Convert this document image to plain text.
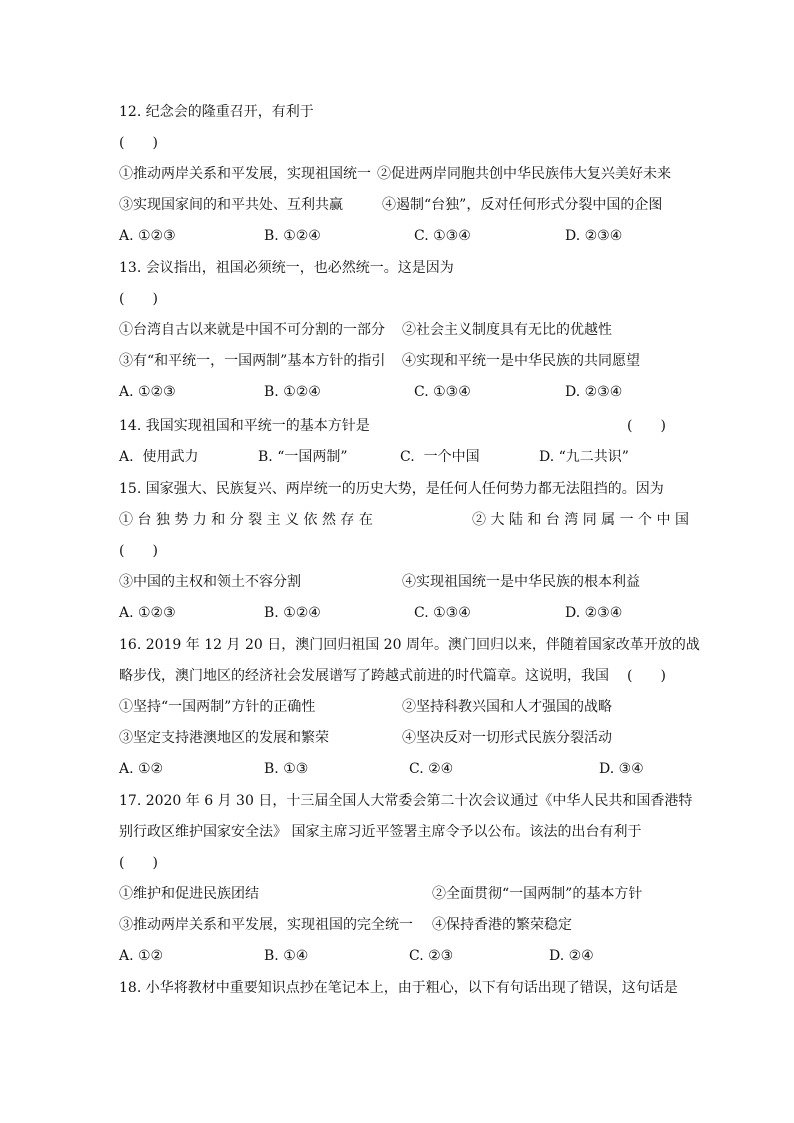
12. 纪念会的隆重召开，有利于
(　　)
①推动两岸关系和平发展，实现祖国统一 ②促进两岸同胞共创中华民族伟大复兴美好未来
③实现国家间的和平共处、互利共赢	④遏制“台独”，反对任何形式分裂中国的企图
A. ①②③	B. ①②④	C. ①③④	D. ②③④
13. 会议指出，祖国必须统一，也必然统一。这是因为
(　　)
①台湾自古以来就是中国不可分割的一部分 ②社会主义制度具有无比的优越性
③有“和平统一，一国两制”基本方针的指引 ④实现和平统一是中华民族的共同愿望
A. ①②③	B. ①②④	C. ①③④	D. ②③④
14. 我国实现祖国和平统一的基本方针是	(　　)
A.  使用武力	B. “一国两制”	C.  一个中国	D. “九二共识”
15. 国家强大、民族复兴、两岸统一的历史大势，是任何人任何势力都无法阻挡的。因为
① 台 独 势 力 和 分 裂 主 义 依 然 存 在	② 大 陆 和 台 湾 同 属 一 个 中 国
(　　)
③中国的主权和领土不容分割	④实现祖国统一是中华民族的根本利益
A. ①②③	B. ①②④	C. ①③④	D. ②③④
16. 2019 年 12 月 20 日，澳门回归祖国 20 周年。澳门回归以来，伴随着国家改革开放的战
略步伐，澳门地区的经济社会发展谱写了跨越式前进的时代篇章。这说明，我国 (　　)
①坚持“一国两制”方针的正确性	②坚持科教兴国和人才强国的战略
③坚定支持港澳地区的发展和繁荣	④坚决反对一切形式民族分裂活动
A. ①②	B. ①③	C. ②④	D. ③④
17. 2020 年 6 月 30 日，十三届全国人大常委会第二十次会议通过《中华人民共和国香港特
别行政区维护国家安全法》 国家主席习近平签署主席令予以公布。该法的出台有利于
(　　)
①维护和促进民族团结	②全面贯彻“一国两制”的基本方针
③推动两岸关系和平发展，实现祖国的完全统一 ④保持香港的繁荣稳定
A. ①②	B. ①④	C. ②③	D. ②④
18. 小华将教材中重要知识点抄在笔记本上，由于粗心，以下有句话出现了错误，这句话是
